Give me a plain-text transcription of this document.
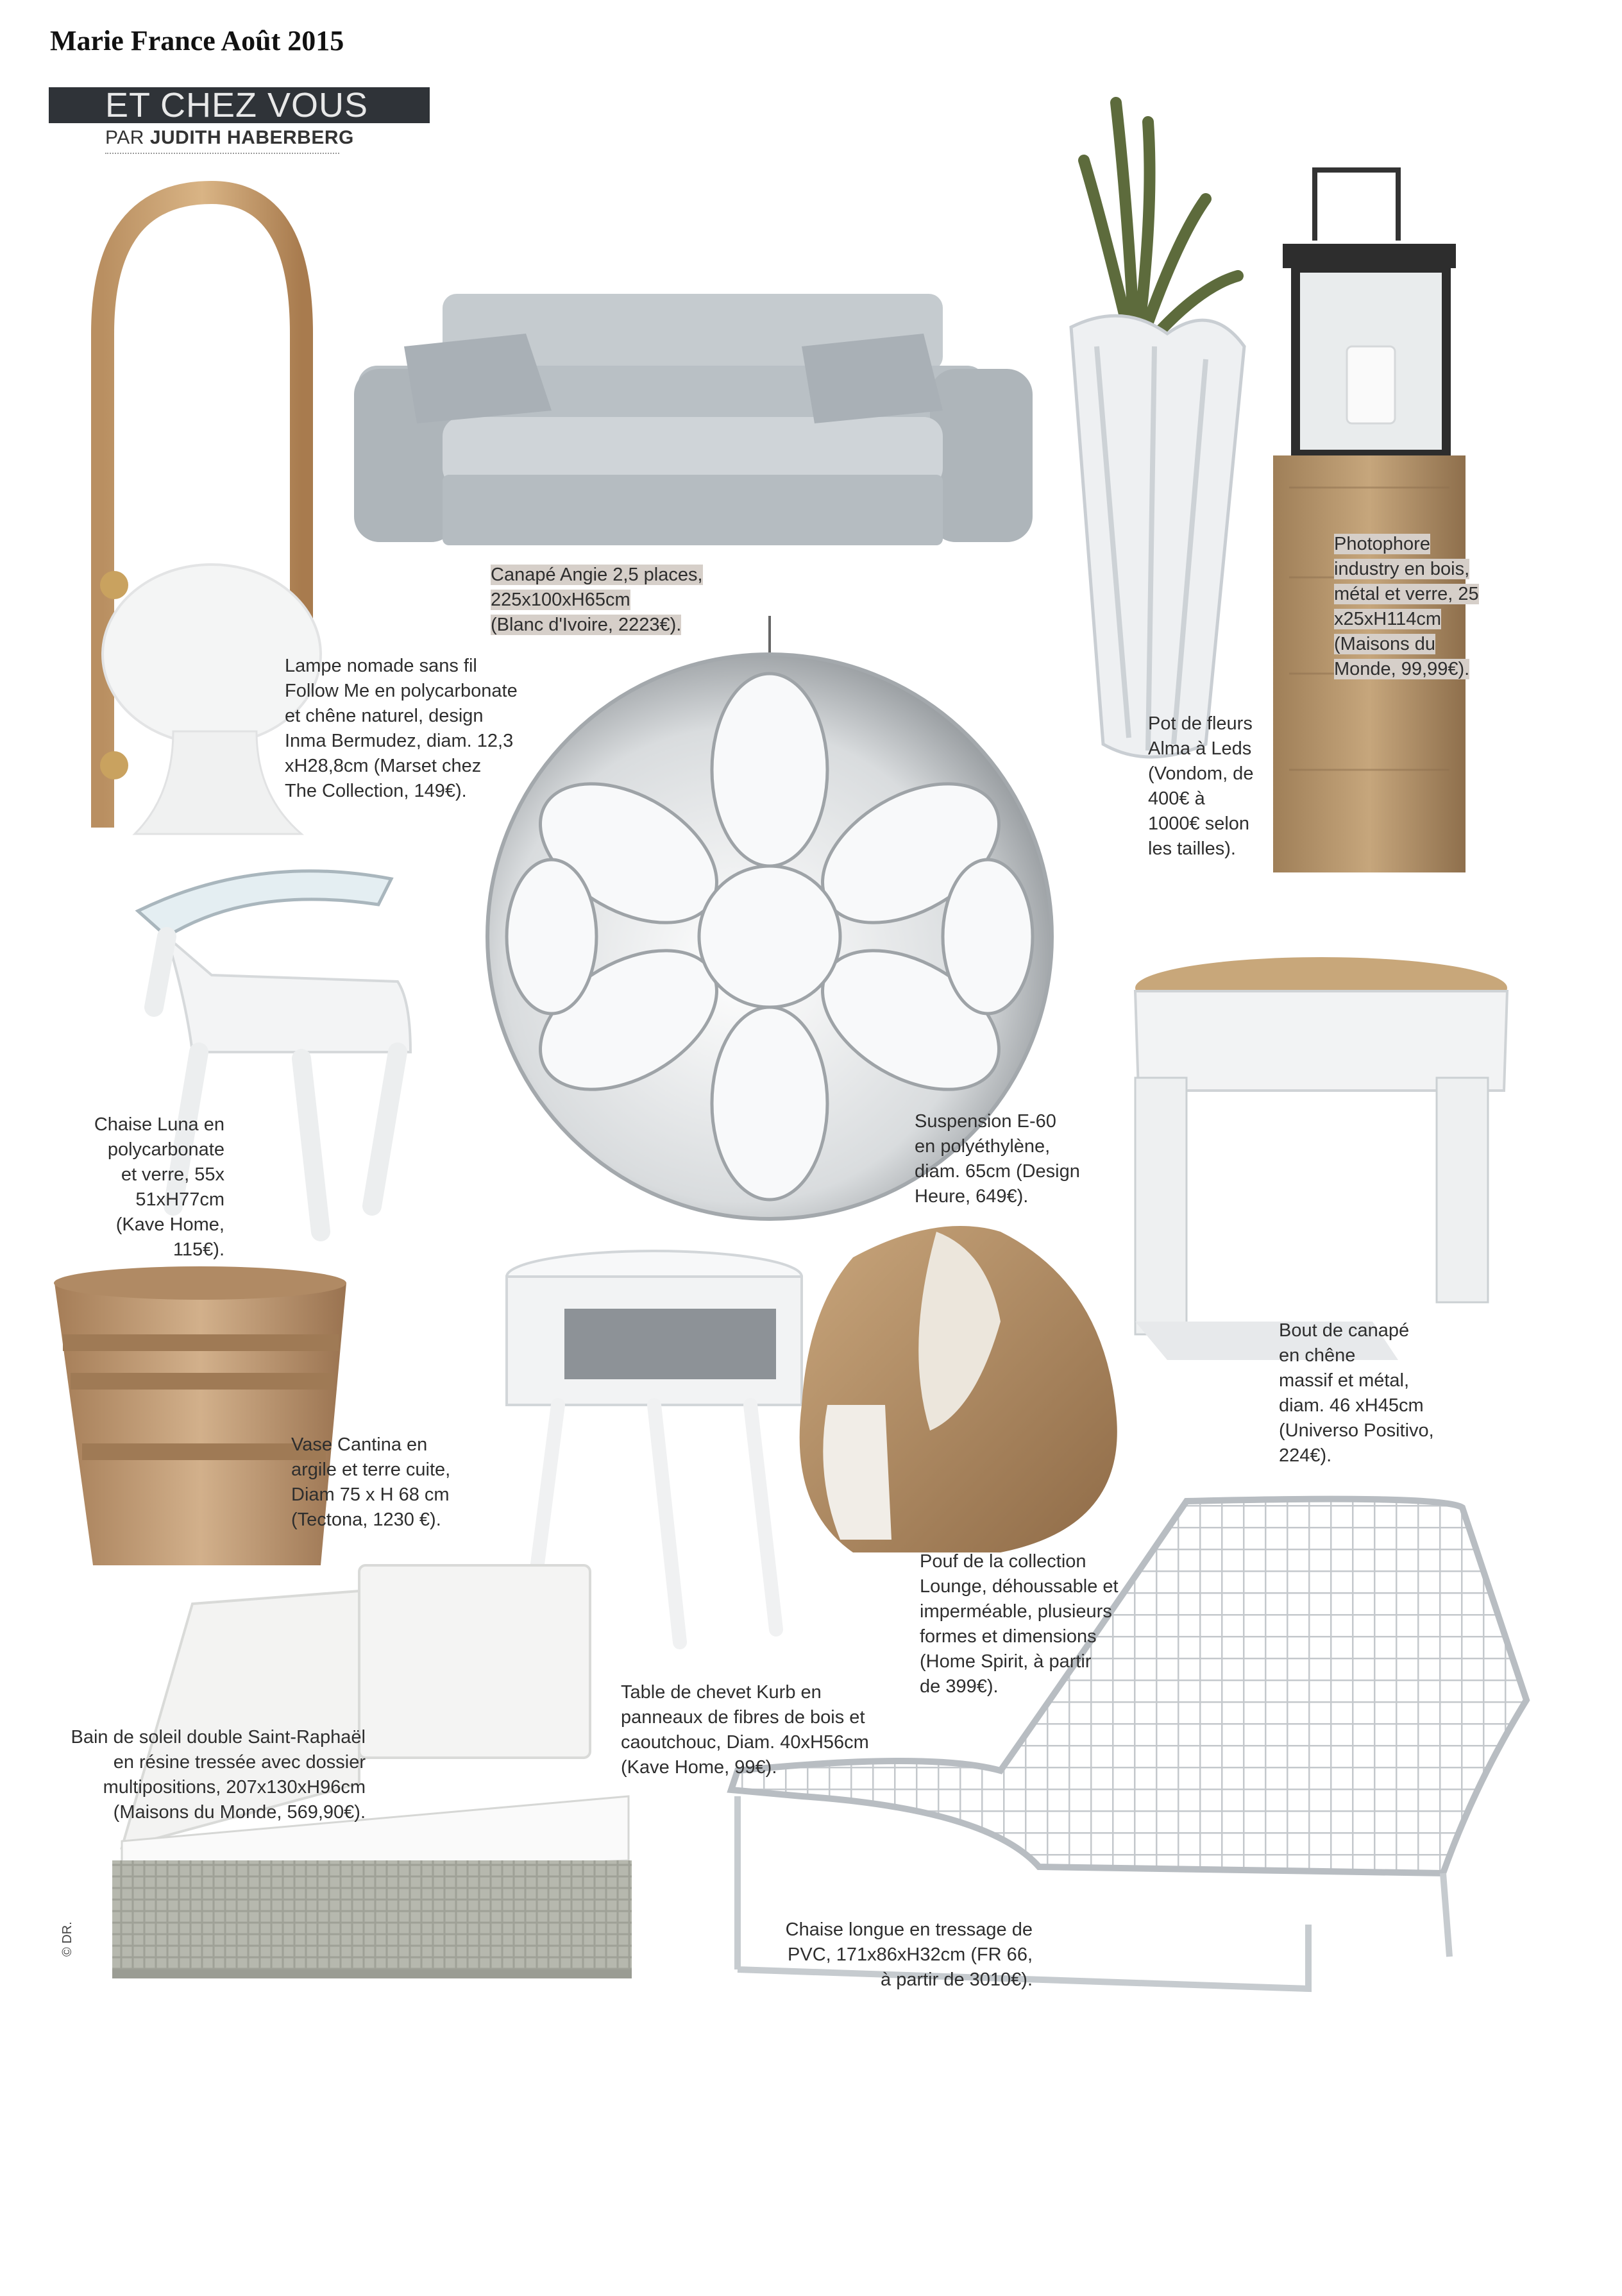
Marie France Août 2015
ET CHEZ VOUS
PAR JUDITH HABERBERG

Canapé Angie 2,5 places,
225x100xH65cm
(Blanc d'Ivoire, 2223€).

Lampe nomade sans fil
Follow Me en polycarbonate
et chêne naturel, design
Inma Bermudez, diam. 12,3
xH28,8cm (Marset chez
The Collection, 149€).

Pot de fleurs
Alma à Leds
(Vondom, de
400€ à
1000€ selon
les tailles).

Photophore
industry en bois,
métal et verre, 25
x25xH114cm
(Maisons du
Monde, 99,99€).

Chaise Luna en
polycarbonate
et verre, 55x
51xH77cm
(Kave Home,
115€).

Suspension E-60
en polyéthylène,
diam. 65cm (Design
Heure, 649€).

Bout de canapé
en chêne
massif et métal,
diam. 46 xH45cm
(Universo Positivo,
224€).

Vase Cantina en
argile et terre cuite,
Diam 75 x H 68 cm
(Tectona, 1230 €).

Pouf de la collection
Lounge, déhoussable et
imperméable, plusieurs
formes et dimensions
(Home Spirit, à partir
de 399€).

Table de chevet Kurb en
panneaux de fibres de bois et
caoutchouc, Diam. 40xH56cm
(Kave Home, 99€).

Bain de soleil double Saint-Raphaël
en résine tressée avec dossier
multipositions, 207x130xH96cm
(Maisons du Monde, 569,90€).

Chaise longue en tressage de
PVC, 171x86xH32cm (FR 66,
à partir de 3010€).

© DR.
